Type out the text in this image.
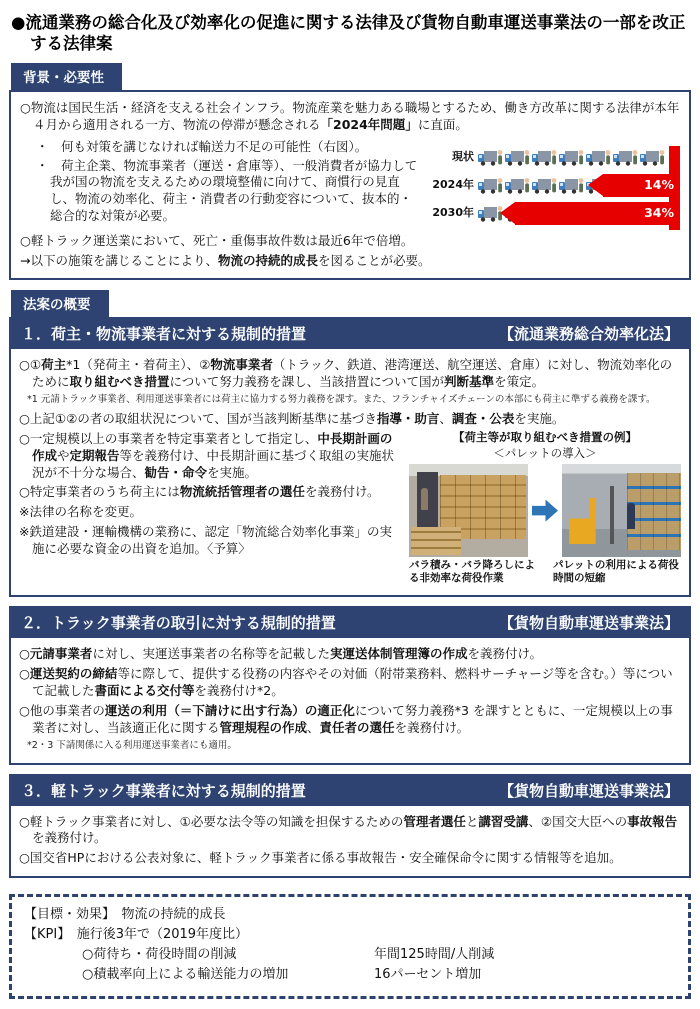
●流通業務の総合化及び効率化の促進に関する法律及び貨物自動車運送事業法の一部を改正する法律案
背景・必要性

○物流は国民生活・経済を支える社会インフラ。物流産業を魅力ある職場とするため、働き方改革に関する法律が本年４月から適用される一方、物流の停滞が懸念される「2024年問題」に直面。

現状
2024年	14%
2030年	34%

・　何も対策を講じなければ輸送力不足の可能性（右図）。

・　荷主企業、物流事業者（運送・倉庫等）、一般消費者が協力して我が国の物流を支えるための環境整備に向けて、商慣行の見直し、物流の効率化、荷主・消費者の行動変容について、抜本的・総合的な対策が必要。

○軽トラック運送業において、死亡・重傷事故件数は最近6年で倍増。

→以下の施策を講じることにより、物流の持続的成長を図ることが必要。

法案の概要
１．荷主・物流事業者に対する規制的措置	【流通業務総合効率化法】

○①荷主*1（発荷主・着荷主）、②物流事業者（トラック、鉄道、港湾運送、航空運送、倉庫）に対し、物流効率化のために取り組むべき措置について努力義務を課し、当該措置について国が判断基準を策定。

*1 元請トラック事業者、利用運送事業者には荷主に協力する努力義務を課す。また、フランチャイズチェーンの本部にも荷主に準ずる義務を課す。

○上記①②の者の取組状況について、国が当該判断基準に基づき指導・助言、調査・公表を実施。

【荷主等が取り組むべき措置の例】
＜パレットの導入＞
バラ積み・バラ降ろしによる非効率な荷役作業
パレットの利用による荷役時間の短縮

○一定規模以上の事業者を特定事業者として指定し、中長期計画の作成や定期報告等を義務付け、中長期計画に基づく取組の実施状況が不十分な場合、勧告・命令を実施。

○特定事業者のうち荷主には物流統括管理者の選任を義務付け。

※法律の名称を変更。

※鉄道建設・運輸機構の業務に、認定「物流総合効率化事業」の実施に必要な資金の出資を追加。〈予算〉

２．トラック事業者の取引に対する規制的措置	【貨物自動車運送事業法】

○元請事業者に対し、実運送事業者の名称等を記載した実運送体制管理簿の作成を義務付け。

○運送契約の締結等に際して、提供する役務の内容やその対価（附帯業務料、燃料サーチャージ等を含む。）等について記載した書面による交付等を義務付け*2。

○他の事業者の運送の利用（＝下請けに出す行為）の適正化について努力義務*3 を課すとともに、一定規模以上の事業者に対し、当該適正化に関する管理規程の作成、責任者の選任を義務付け。

*2・3 下請関係に入る利用運送事業者にも適用。

３．軽トラック事業者に対する規制的措置	【貨物自動車運送事業法】

○軽トラック事業者に対し、①必要な法令等の知識を担保するための管理者選任と講習受講、②国交大臣への事故報告を義務付け。

○国交省HPにおける公表対象に、軽トラック事業者に係る事故報告・安全確保命令に関する情報等を追加。

【目標・効果】　物流の持続的成長
【KPI】　施行後3年で（2019年度比）
○荷待ち・荷役時間の削減	年間125時間/人削減
○積載率向上による輸送能力の増加	16パーセント増加
